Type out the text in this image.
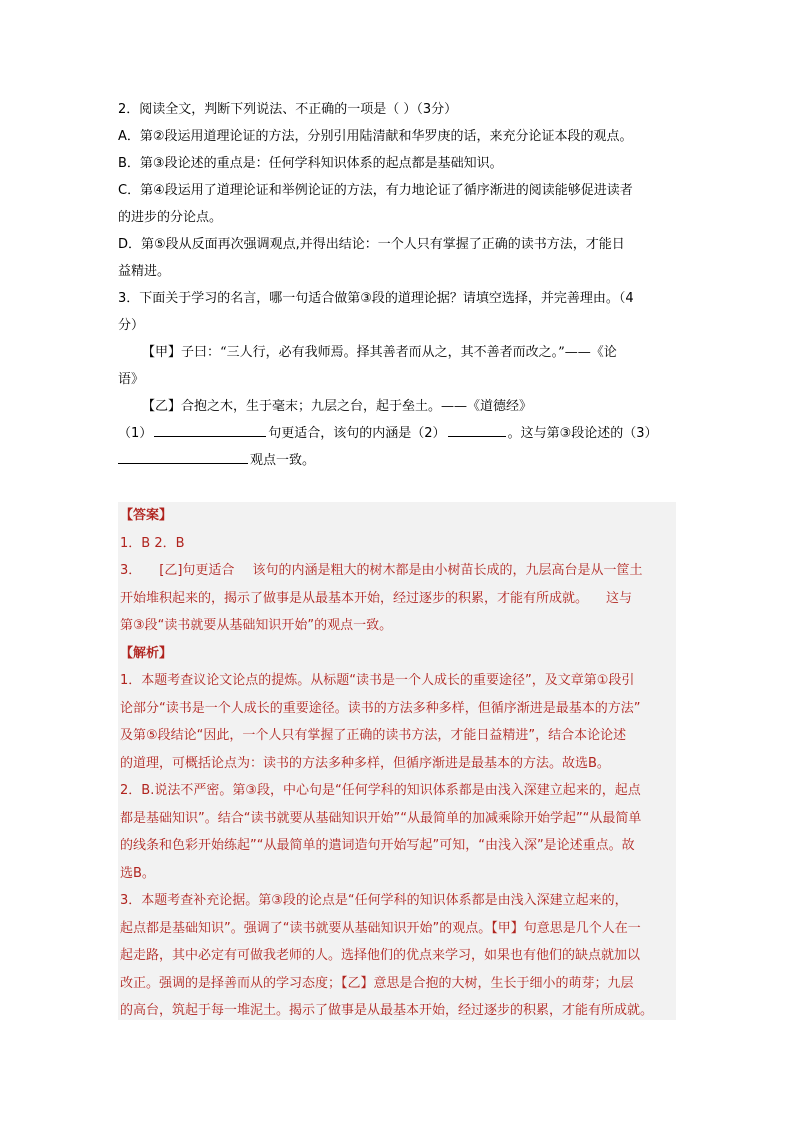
2．阅读全文，判断下列说法、不正确的一项是（ ）（3分）
A．第②段运用道理论证的方法，分别引用陆清献和华罗庚的话，来充分论证本段的观点。
B．第③段论述的重点是：任何学科知识体系的起点都是基础知识。
C．第④段运用了道理论证和举例论证的方法，有力地论证了循序渐进的阅读能够促进读者
的进步的分论点。
D．第⑤段从反面再次强调观点,并得出结论：一个人只有掌握了正确的读书方法，才能日
益精进。
3．下面关于学习的名言，哪一句适合做第③段的道理论据？请填空选择，并完善理由。（4
分）
【甲】子曰：“三人行，必有我师焉。择其善者而从之，其不善者而改之。”——《论
语》
【乙】合抱之木，生于毫末；九层之台，起于垒土。——《道德经》
（1）	句更适合，该句的内涵是（2）	。这与第③段论述的（3）
观点一致。
【答案】
1．B 2．B
3． [乙]句更适合 该句的内涵是粗大的树木都是由小树苗长成的，九层高台是从一筐土
开始堆积起来的，揭示了做事是从最基本开始，经过逐步的积累，才能有所成就。 这与
第③段“读书就要从基础知识开始”的观点一致。
【解析】
1．本题考查议论文论点的提炼。从标题“读书是一个人成长的重要途径”，及文章第①段引
论部分“读书是一个人成长的重要途径。读书的方法多种多样，但循序渐进是最基本的方法”
及第⑤段结论“因此，一个人只有掌握了正确的读书方法，才能日益精进”，结合本论论述
的道理，可概括论点为：读书的方法多种多样，但循序渐进是最基本的方法。故选B。
2．B.说法不严密。第③段，中心句是“任何学科的知识体系都是由浅入深建立起来的，起点
都是基础知识”。结合“读书就要从基础知识开始”“从最简单的加减乘除开始学起”“从最简单
的线条和色彩开始练起”“从最简单的遣词造句开始写起”可知，“由浅入深”是论述重点。故
选B。
3．本题考查补充论据。第③段的论点是“任何学科的知识体系都是由浅入深建立起来的，
起点都是基础知识”。强调了“读书就要从基础知识开始”的观点。【甲】句意思是几个人在一
起走路，其中必定有可做我老师的人。选择他们的优点来学习，如果也有他们的缺点就加以
改正。强调的是择善而从的学习态度；【乙】意思是合抱的大树，生长于细小的萌芽；九层
的高台，筑起于每一堆泥土。揭示了做事是从最基本开始，经过逐步的积累，才能有所成就。
